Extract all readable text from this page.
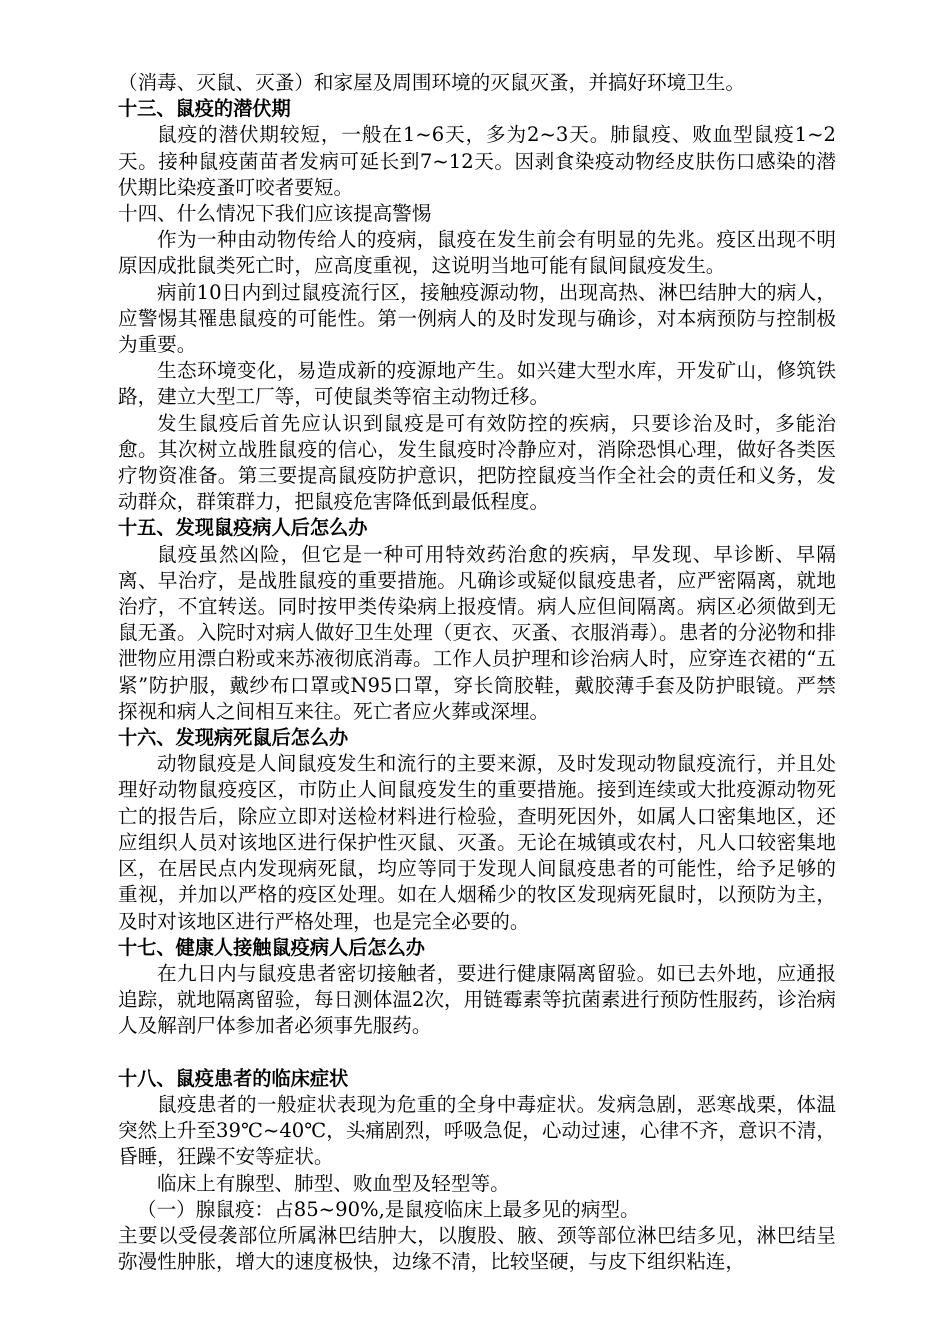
（消毒、灭鼠、灭蚤）和家屋及周围环境的灭鼠灭蚤，并搞好环境卫生。

十三、鼠疫的潜伏期

鼠疫的潜伏期较短，一般在1~6天，多为2~3天。肺鼠疫、败血型鼠疫1~2天。接种鼠疫菌苗者发病可延长到7~12天。因剥食染疫动物经皮肤伤口感染的潜伏期比染疫蚤叮咬者要短。

十四、什么情况下我们应该提高警惕

作为一种由动物传给人的疫病，鼠疫在发生前会有明显的先兆。疫区出现不明原因成批鼠类死亡时，应高度重视，这说明当地可能有鼠间鼠疫发生。

病前10日内到过鼠疫流行区，接触疫源动物，出现高热、淋巴结肿大的病人，应警惕其罹患鼠疫的可能性。第一例病人的及时发现与确诊，对本病预防与控制极为重要。

生态环境变化，易造成新的疫源地产生。如兴建大型水库，开发矿山，修筑铁路，建立大型工厂等，可使鼠类等宿主动物迁移。

发生鼠疫后首先应认识到鼠疫是可有效防控的疾病，只要诊治及时，多能治愈。其次树立战胜鼠疫的信心，发生鼠疫时冷静应对，消除恐惧心理，做好各类医疗物资准备。第三要提高鼠疫防护意识，把防控鼠疫当作全社会的责任和义务，发动群众，群策群力，把鼠疫危害降低到最低程度。

十五、发现鼠疫病人后怎么办

鼠疫虽然凶险，但它是一种可用特效药治愈的疾病，早发现、早诊断、早隔离、早治疗，是战胜鼠疫的重要措施。凡确诊或疑似鼠疫患者，应严密隔离，就地治疗，不宜转送。同时按甲类传染病上报疫情。病人应但间隔离。病区必须做到无鼠无蚤。入院时对病人做好卫生处理（更衣、灭蚤、衣服消毒）。患者的分泌物和排泄物应用漂白粉或来苏液彻底消毒。工作人员护理和诊治病人时，应穿连衣裙的“五紧”防护服，戴纱布口罩或N95口罩，穿长筒胶鞋，戴胶薄手套及防护眼镜。严禁探视和病人之间相互来往。死亡者应火葬或深埋。

十六、发现病死鼠后怎么办

动物鼠疫是人间鼠疫发生和流行的主要来源，及时发现动物鼠疫流行，并且处理好动物鼠疫疫区，市防止人间鼠疫发生的重要措施。接到连续或大批疫源动物死亡的报告后，除应立即对送检材料进行检验，查明死因外，如属人口密集地区，还应组织人员对该地区进行保护性灭鼠、灭蚤。无论在城镇或农村，凡人口较密集地区，在居民点内发现病死鼠，均应等同于发现人间鼠疫患者的可能性，给予足够的重视，并加以严格的疫区处理。如在人烟稀少的牧区发现病死鼠时，以预防为主，及时对该地区进行严格处理，也是完全必要的。

十七、健康人接触鼠疫病人后怎么办

在九日内与鼠疫患者密切接触者，要进行健康隔离留验。如已去外地，应通报追踪，就地隔离留验，每日测体温2次，用链霉素等抗菌素进行预防性服药，诊治病人及解剖尸体参加者必须事先服药。

十八、鼠疫患者的临床症状

鼠疫患者的一般症状表现为危重的全身中毒症状。发病急剧，恶寒战栗，体温突然上升至39℃~40℃，头痛剧烈，呼吸急促，心动过速，心律不齐，意识不清，昏睡，狂躁不安等症状。

临床上有腺型、肺型、败血型及轻型等。

（一）腺鼠疫：占85~90%,是鼠疫临床上最多见的病型。

主要以受侵袭部位所属淋巴结肿大，以腹股、腋、颈等部位淋巴结多见，淋巴结呈弥漫性肿胀，增大的速度极快，边缘不清，比较坚硬，与皮下组织粘连，
